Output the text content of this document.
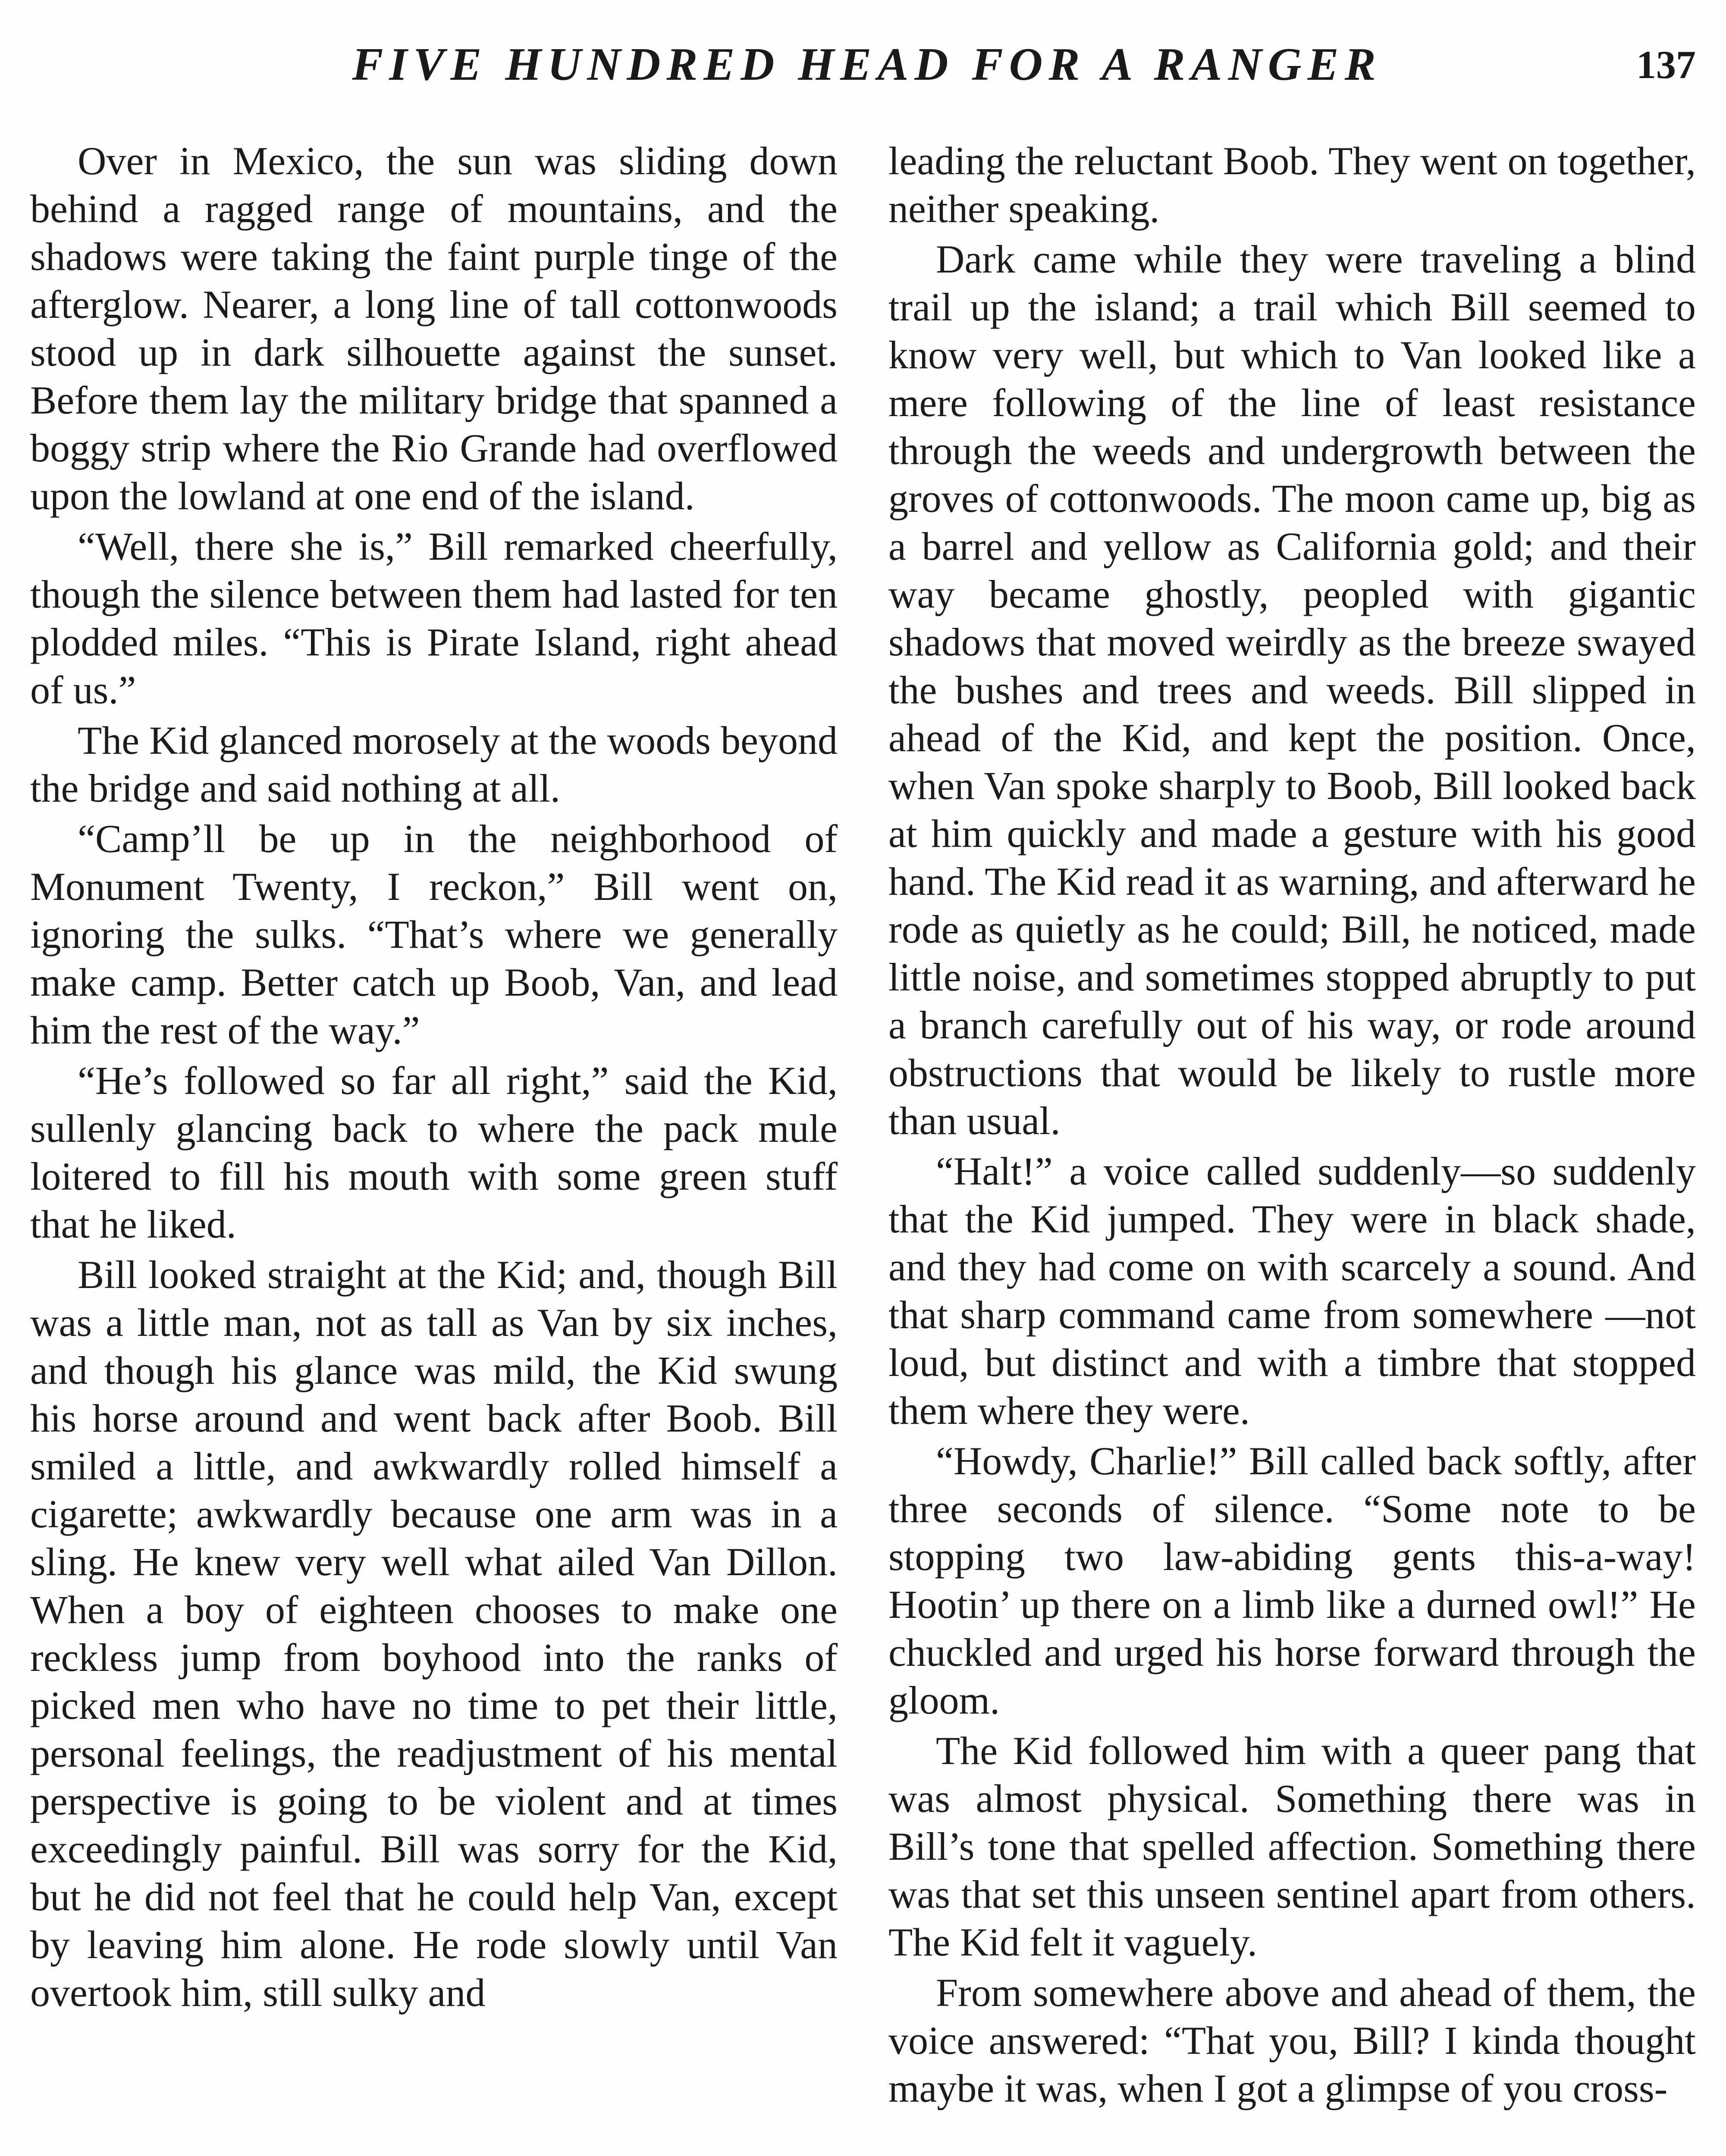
FIVE HUNDRED HEAD FOR A RANGER	137

Over in Mexico, the sun was sliding down behind a ragged range of mountains, and the shadows were taking the faint purple tinge of the afterglow. Nearer, a long line of tall cottonwoods stood up in dark silhouette against the sunset. Before them lay the military bridge that spanned a boggy strip where the Rio Grande had overflowed upon the lowland at one end of the island.

“Well, there she is,” Bill remarked cheerfully, though the silence between them had lasted for ten plodded miles. “This is Pirate Island, right ahead of us.”

The Kid glanced morosely at the woods beyond the bridge and said nothing at all.

“Camp’ll be up in the neighborhood of Monument Twenty, I reckon,” Bill went on, ignoring the sulks. “That’s where we generally make camp. Better catch up Boob, Van, and lead him the rest of the way.”

“He’s followed so far all right,” said the Kid, sullenly glancing back to where the pack mule loitered to fill his mouth with some green stuff that he liked.

Bill looked straight at the Kid; and, though Bill was a little man, not as tall as Van by six inches, and though his glance was mild, the Kid swung his horse around and went back after Boob. Bill smiled a little, and awkwardly rolled himself a cigarette; awkwardly because one arm was in a sling. He knew very well what ailed Van Dillon. When a boy of eighteen chooses to make one reckless jump from boyhood into the ranks of picked men who have no time to pet their little, personal feelings, the readjustment of his mental perspective is going to be violent and at times exceedingly painful. Bill was sorry for the Kid, but he did not feel that he could help Van, except by leaving him alone. He rode slowly until Van overtook him, still sulky and

leading the reluctant Boob. They went on together, neither speaking.

Dark came while they were traveling a blind trail up the island; a trail which Bill seemed to know very well, but which to Van looked like a mere following of the line of least resistance through the weeds and undergrowth between the groves of cottonwoods. The moon came up, big as a barrel and yellow as California gold; and their way became ghostly, peopled with gigantic shadows that moved weirdly as the breeze swayed the bushes and trees and weeds. Bill slipped in ahead of the Kid, and kept the position. Once, when Van spoke sharply to Boob, Bill looked back at him quickly and made a gesture with his good hand. The Kid read it as warning, and afterward he rode as quietly as he could; Bill, he noticed, made little noise, and sometimes stopped abruptly to put a branch carefully out of his way, or rode around obstructions that would be likely to rustle more than usual.

“Halt!” a voice called suddenly—so suddenly that the Kid jumped. They were in black shade, and they had come on with scarcely a sound. And that sharp command came from somewhere —not loud, but distinct and with a timbre that stopped them where they were.

“Howdy, Charlie!” Bill called back softly, after three seconds of silence. “Some note to be stopping two law-abiding gents this-a-way! Hootin’ up there on a limb like a durned owl!” He chuckled and urged his horse forward through the gloom.

The Kid followed him with a queer pang that was almost physical. Something there was in Bill’s tone that spelled affection. Something there was that set this unseen sentinel apart from others. The Kid felt it vaguely.

From somewhere above and ahead of them, the voice answered: “That you, Bill? I kinda thought maybe it was, when I got a glimpse of you cross-
